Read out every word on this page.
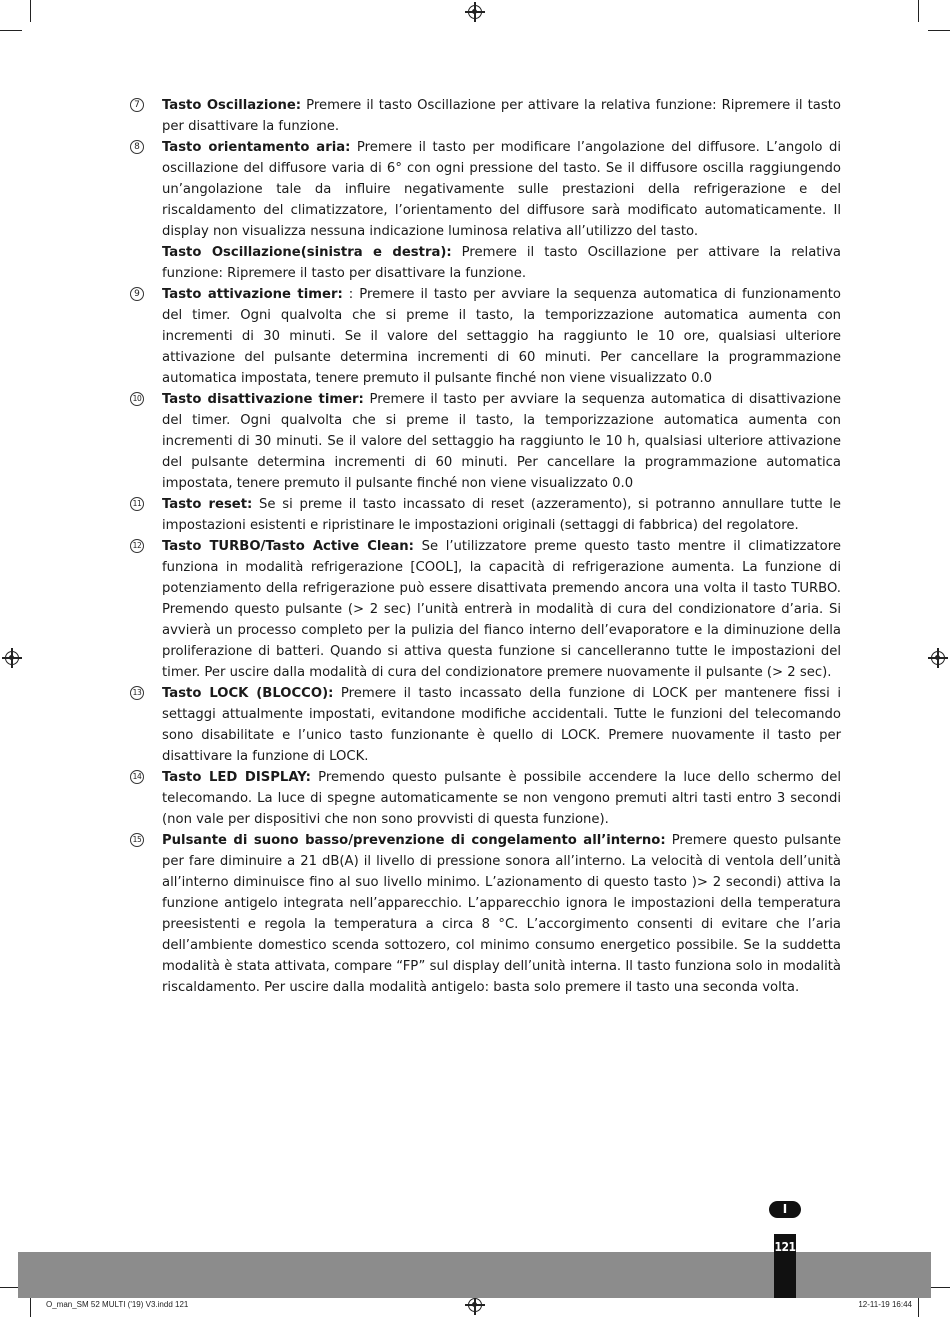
7	Tasto Oscillazione: Premere il tasto Oscillazione per attivare la relativa funzione: Ripremere il tasto per disattivare la funzione.
8	Tasto orientamento aria: Premere il tasto per modificare l’angolazione del diffusore. L’angolo di oscillazione del diffusore varia di 6° con ogni pressione del tasto. Se il diffusore oscilla raggiungendo un’angolazione tale da influire negativamente sulle prestazioni della refrigerazione e del riscaldamento del climatizzatore, l’orientamento del diffusore sarà modificato automaticamente. Il display non visualizza nessuna indicazione luminosa relativa all’utilizzo del tasto.
Tasto Oscillazione(sinistra e destra): Premere il tasto Oscillazione per attivare la relativa funzione: Ripremere il tasto per disattivare la funzione.
9	Tasto attivazione timer: : Premere il tasto per avviare la sequenza automatica di funzionamento del timer. Ogni qualvolta che si preme il tasto, la temporizzazione automatica aumenta con incrementi di 30 minuti. Se il valore del settaggio ha raggiunto le 10 ore, qualsiasi ulteriore attivazione del pulsante determina incrementi di 60 minuti. Per cancellare la programmazione automatica impostata, tenere premuto il pulsante finché non viene visualizzato 0.0
10 Tasto disattivazione timer: Premere il tasto per avviare la sequenza automatica di disattivazione del timer. Ogni qualvolta che si preme il tasto, la temporizzazione automatica aumenta con incrementi di 30 minuti. Se il valore del settaggio ha raggiunto le 10 h, qualsiasi ulteriore attivazione del pulsante determina incrementi di 60 minuti. Per cancellare la programmazione automatica impostata, tenere premuto il pulsante finché non viene visualizzato 0.0
11 Tasto reset: Se si preme il tasto incassato di reset (azzeramento), si potranno annullare tutte le impostazioni esistenti e ripristinare le impostazioni originali (settaggi di fabbrica) del regolatore.
12 Tasto TURBO/Tasto Active Clean: Se l’utilizzatore preme questo tasto mentre il climatizzatore funziona in modalità refrigerazione [COOL], la capacità di refrigerazione aumenta. La funzione di potenziamento della refrigerazione può essere disattivata premendo ancora una volta il tasto TURBO. Premendo questo pulsante (> 2 sec) l’unità entrerà in modalità di cura del condizionatore d’aria. Si avvierà un processo completo per la pulizia del fianco interno dell’evaporatore e la diminuzione della proliferazione di batteri. Quando si attiva questa funzione si cancelleranno tutte le impostazioni del timer. Per uscire dalla modalità di cura del condizionatore premere nuovamente il pulsante (> 2 sec).
13 Tasto LOCK (BLOCCO): Premere il tasto incassato della funzione di LOCK per mantenere fissi i settaggi attualmente impostati, evitandone modifiche accidentali. Tutte le funzioni del telecomando sono disabilitate e l’unico tasto funzionante è quello di LOCK. Premere nuovamente il tasto per disattivare la funzione di LOCK.
14 Tasto LED DISPLAY: Premendo questo pulsante è possibile accendere la luce dello schermo del telecomando. La luce di spegne automaticamente se non vengono premuti altri tasti entro 3 secondi (non vale per dispositivi che non sono provvisti di questa funzione).
15 Pulsante di suono basso/prevenzione di congelamento all’interno: Premere questo pulsante per fare diminuire a 21 dB(A) il livello di pressione sonora all’interno. La velocità di ventola dell’unità all’interno diminuisce fino al suo livello minimo. L’azionamento di questo tasto )> 2 secondi) attiva la funzione antigelo integrata nell’apparecchio. L’apparecchio ignora le impostazioni della temperatura preesistenti e regola la temperatura a circa 8 °C. L’accorgimento consenti di evitare che l’aria dell’ambiente domestico scenda sottozero, col minimo consumo energetico possibile. Se la suddetta modalità è stata attivata, compare “FP” sul display dell’unità interna. Il tasto funziona solo in modalità riscaldamento. Per uscire dalla modalità antigelo: basta solo premere il tasto una seconda volta.
I
121
O_man_SM 52 MULTI ('19) V3.indd 121	12-11-19 16:44
